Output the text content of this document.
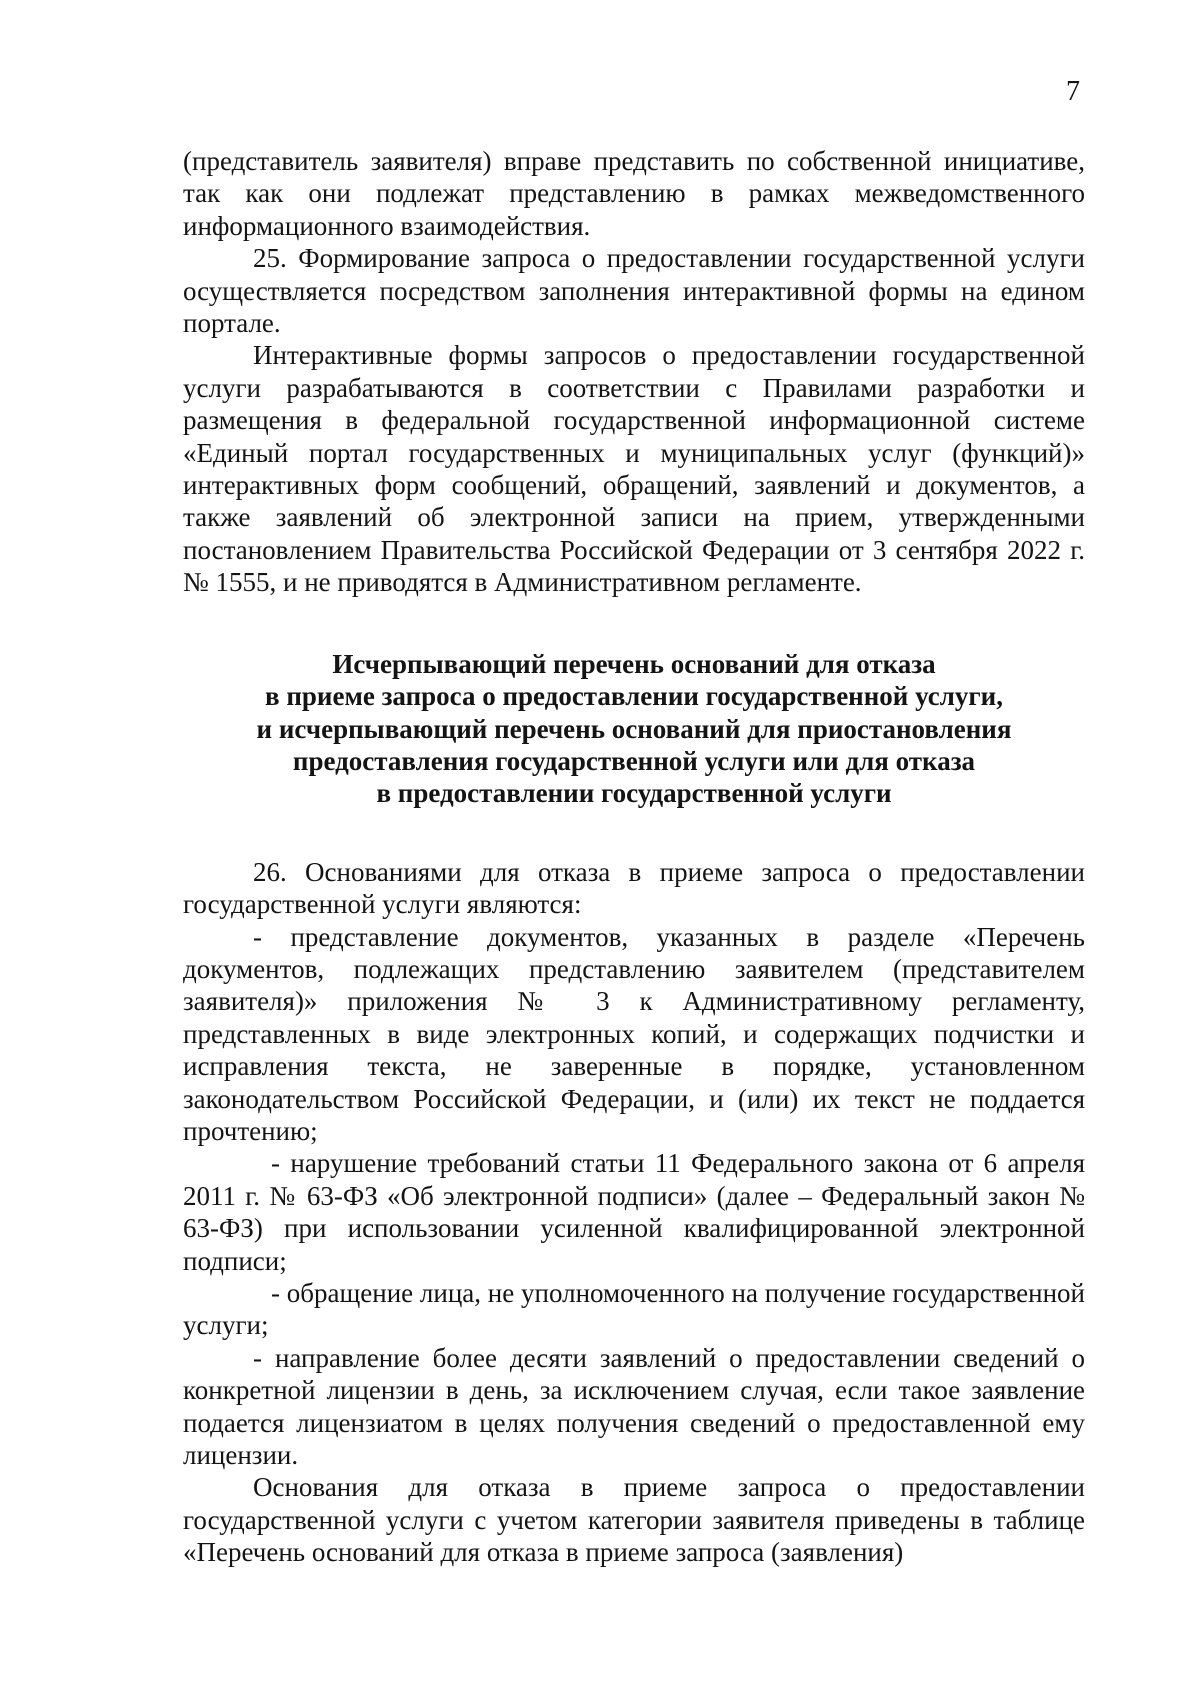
7

(представитель заявителя) вправе представить по собственной инициативе, так как они подлежат представлению в рамках межведомственного информационного взаимодействия.

25. Формирование запроса о предоставлении государственной услуги осуществляется посредством заполнения интерактивной формы на едином портале.

Интерактивные формы запросов о предоставлении государственной услуги разрабатываются в соответствии с Правилами разработки и размещения в федеральной государственной информационной системе «Единый портал государственных и муниципальных услуг (функций)» интерактивных форм сообщений, обращений, заявлений и документов, а также заявлений об электронной записи на прием, утвержденными постановлением Правительства Российской Федерации от 3 сентября 2022 г. № 1555, и не приводятся в Административном регламенте.

Исчерпывающий перечень оснований для отказа
в приеме запроса о предоставлении государственной услуги,
и исчерпывающий перечень оснований для приостановления
предоставления государственной услуги или для отказа
в предоставлении государственной услуги

26. Основаниями для отказа в приеме запроса о предоставлении государственной услуги являются:

- представление документов, указанных в разделе «Перечень документов, подлежащих представлению заявителем (представителем заявителя)» приложения № 3 к Административному регламенту, представленных в виде электронных копий, и содержащих подчистки и исправления текста, не заверенные в порядке, установленном законодательством Российской Федерации, и (или) их текст не поддается прочтению;

- нарушение требований статьи 11 Федерального закона от 6 апреля 2011 г. № 63-ФЗ «Об электронной подписи» (далее – Федеральный закон № 63-ФЗ) при использовании усиленной квалифицированной электронной подписи;

- обращение лица, не уполномоченного на получение государственной услуги;

- направление более десяти заявлений о предоставлении сведений о конкретной лицензии в день, за исключением случая, если такое заявление подается лицензиатом в целях получения сведений о предоставленной ему лицензии.

Основания для отказа в приеме запроса о предоставлении государственной услуги с учетом категории заявителя приведены в таблице «Перечень оснований для отказа в приеме запроса (заявления)
